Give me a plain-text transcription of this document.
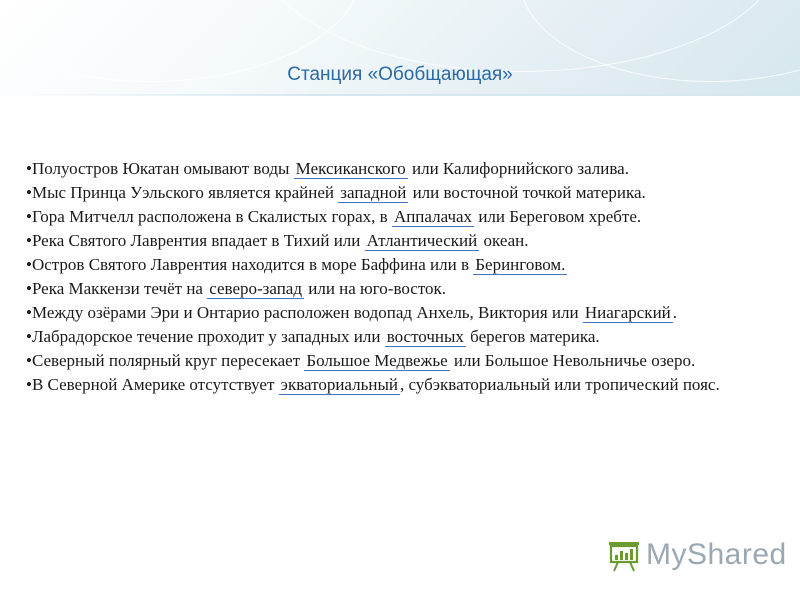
Станция «Обобщающая»

•Полуостров Юкатан омывают воды Мексиканского или Калифорнийского залива.

•Мыс Принца Уэльского является крайней западной или восточной точкой материка.

•Гора Митчелл расположена в Скалистых горах, в Аппалачах или Береговом хребте.

•Река Святого Лаврентия впадает в Тихий или Атлантический океан.

•Остров Святого Лаврентия находится в море Баффина или в Беринговом.

•Река Маккензи течёт на северо-запад или на юго-восток.

•Между озёрами Эри и Онтарио расположен водопад Анхель, Виктория или Ниагарский .

•Лабрадорское течение проходит у западных или восточных берегов материка.

•Северный полярный круг пересекает Большое Медвежье или Большое Невольничье озеро.

•В Северной Америке отсутствует экваториальный , субэкваториальный или тропический пояс.

MyShared
